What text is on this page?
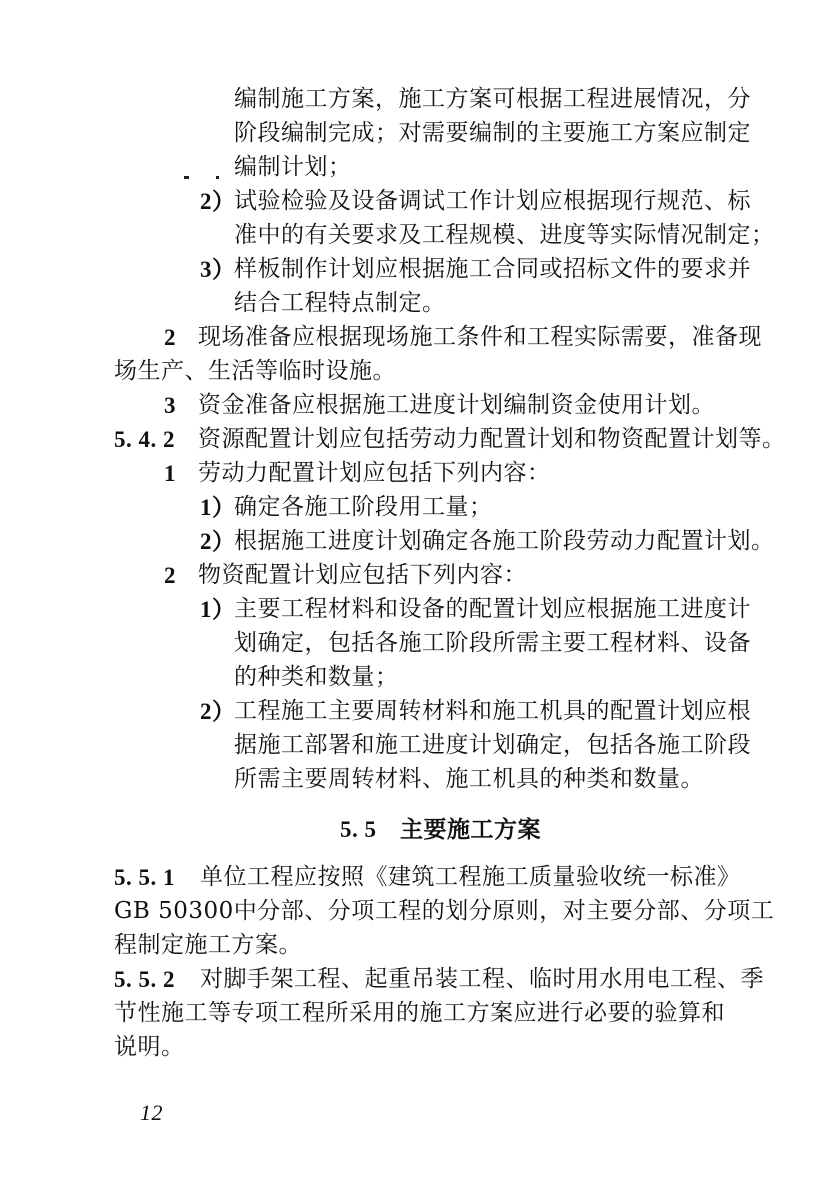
编制施工方案，施工方案可根据工程进展情况，分
阶段编制完成；对需要编制的主要施工方案应制定
编制计划；
2）
试验检验及设备调试工作计划应根据现行规范、标
准中的有关要求及工程规模、进度等实际情况制定；
3）
样板制作计划应根据施工合同或招标文件的要求并
结合工程特点制定。
2 现场准备应根据现场施工条件和工程实际需要，准备现
场生产、生活等临时设施。
3 资金准备应根据施工进度计划编制资金使用计划。
5. 4. 2 资源配置计划应包括劳动力配置计划和物资配置计划等。
1 劳动力配置计划应包括下列内容：
1）
确定各施工阶段用工量；
2）
根据施工进度计划确定各施工阶段劳动力配置计划。
2 物资配置计划应包括下列内容：
1）
主要工程材料和设备的配置计划应根据施工进度计
划确定，包括各施工阶段所需主要工程材料、设备
的种类和数量；
2）
工程施工主要周转材料和施工机具的配置计划应根
据施工部署和施工进度计划确定，包括各施工阶段
所需主要周转材料、施工机具的种类和数量。
5. 5 主要施工方案
5. 5. 1 单位工程应按照《建筑工程施工质量验收统一标准》
GB 50300中分部、分项工程的划分原则，对主要分部、分项工
程制定施工方案。
5. 5. 2 对脚手架工程、起重吊装工程、临时用水用电工程、季
节性施工等专项工程所采用的施工方案应进行必要的验算和
说明。
12
